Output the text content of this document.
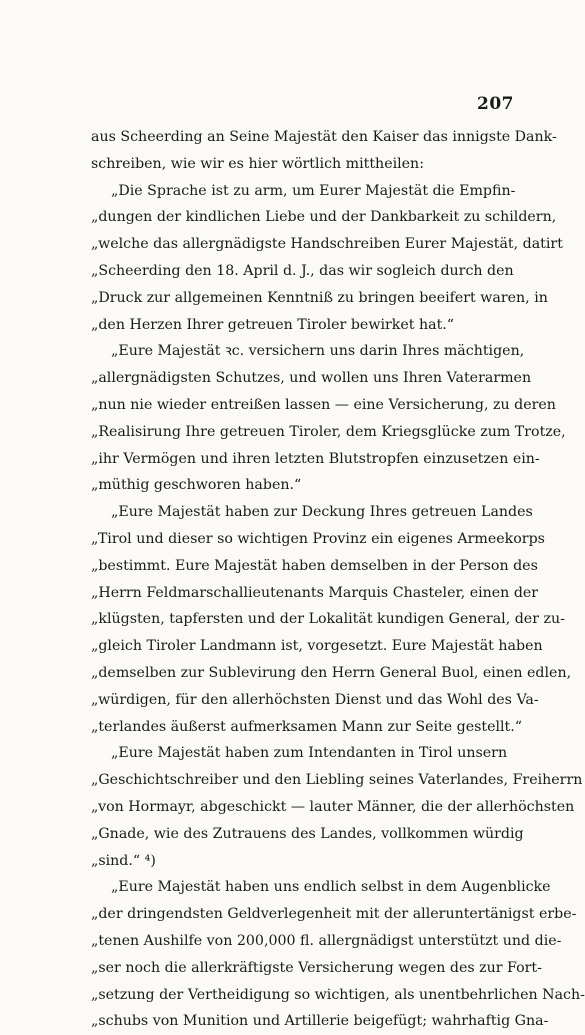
207
aus Scheerding an Seine Majestät den Kaiser das innigste Dank-
schreiben, wie wir es hier wörtlich mittheilen:
„Die Sprache ist zu arm, um Eurer Majestät die Empfin-
„dungen der kindlichen Liebe und der Dankbarkeit zu schildern,
„welche das allergnädigste Handschreiben Eurer Majestät, datirt
„Scheerding den 18. April d. J., das wir sogleich durch den
„Druck zur allgemeinen Kenntniß zu bringen beeifert waren, in
„den Herzen Ihrer getreuen Tiroler bewirket hat.“
„Eure Majestät ꝛc. versichern uns darin Ihres mächtigen,
„allergnädigsten Schutzes, und wollen uns Ihren Vaterarmen
„nun nie wieder entreißen lassen — eine Versicherung, zu deren
„Realisirung Ihre getreuen Tiroler, dem Kriegsglücke zum Trotze,
„ihr Vermögen und ihren letzten Blutstropfen einzusetzen ein-
„müthig geschworen haben.“
„Eure Majestät haben zur Deckung Ihres getreuen Landes
„Tirol und dieser so wichtigen Provinz ein eigenes Armeekorps
„bestimmt. Eure Majestät haben demselben in der Person des
„Herrn Feldmarschallieutenants Marquis Chasteler, einen der
„klügsten, tapfersten und der Lokalität kundigen General, der zu-
„gleich Tiroler Landmann ist, vorgesetzt. Eure Majestät haben
„demselben zur Sublevirung den Herrn General Buol, einen edlen,
„würdigen, für den allerhöchsten Dienst und das Wohl des Va-
„terlandes äußerst aufmerksamen Mann zur Seite gestellt.“
„Eure Majestät haben zum Intendanten in Tirol unsern
„Geschichtschreiber und den Liebling seines Vaterlandes, Freiherrn
„von Hormayr, abgeschickt — lauter Männer, die der allerhöchsten
„Gnade, wie des Zutrauens des Landes, vollkommen würdig
„sind.“ ⁴)
„Eure Majestät haben uns endlich selbst in dem Augenblicke
„der dringendsten Geldverlegenheit mit der alleruntertänigst erbe-
„tenen Aushilfe von 200,000 fl. allergnädigst unterstützt und die-
„ser noch die allerkräftigste Versicherung wegen des zur Fort-
„setzung der Vertheidigung so wichtigen, als unentbehrlichen Nach-
„schubs von Munition und Artillerie beigefügt; wahrhaftig Gna-
